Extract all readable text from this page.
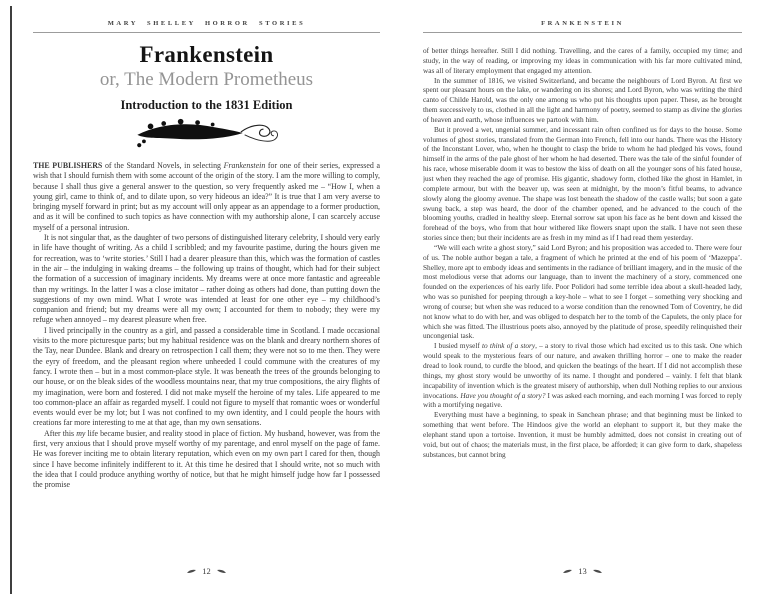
MARY SHELLEY HORROR STORIES
Frankenstein
or, The Modern Prometheus
Introduction to the 1831 Edition

THE PUBLISHERS of the Standard Novels, in selecting Frankenstein for one of their series, expressed a wish that I should furnish them with some account of the origin of the story. I am the more willing to comply, because I shall thus give a general answer to the question, so very frequently asked me – “How I, when a young girl, came to think of, and to dilate upon, so very hideous an idea?” It is true that I am very averse to bringing myself forward in print; but as my account will only appear as an appendage to a former production, and as it will be confined to such topics as have connection with my authorship alone, I can scarcely accuse myself of a personal intrusion.

It is not singular that, as the daughter of two persons of distinguished literary celebrity, I should very early in life have thought of writing. As a child I scribbled; and my favourite pastime, during the hours given me for recreation, was to ‘write stories.’ Still I had a dearer pleasure than this, which was the formation of castles in the air – the indulging in waking dreams – the following up trains of thought, which had for their subject the formation of a succession of imaginary incidents. My dreams were at once more fantastic and agreeable than my writings. In the latter I was a close imitator – rather doing as others had done, than putting down the suggestions of my own mind. What I wrote was intended at least for one other eye – my childhood’s companion and friend; but my dreams were all my own; I accounted for them to nobody; they were my refuge when annoyed – my dearest pleasure when free.

I lived principally in the country as a girl, and passed a considerable time in Scotland. I made occasional visits to the more picturesque parts; but my habitual residence was on the blank and dreary northern shores of the Tay, near Dundee. Blank and dreary on retrospection I call them; they were not so to me then. They were the eyry of freedom, and the pleasant region where unheeded I could commune with the creatures of my fancy. I wrote then – but in a most common-place style. It was beneath the trees of the grounds belonging to our house, or on the bleak sides of the woodless mountains near, that my true compositions, the airy flights of my imagination, were born and fostered. I did not make myself the heroine of my tales. Life appeared to me too common-place an affair as regarded myself. I could not figure to myself that romantic woes or wonderful events would ever be my lot; but I was not confined to my own identity, and I could people the hours with creations far more interesting to me at that age, than my own sensations.

After this my life became busier, and reality stood in place of fiction. My husband, however, was from the first, very anxious that I should prove myself worthy of my parentage, and enrol myself on the page of fame. He was forever inciting me to obtain literary reputation, which even on my own part I cared for then, though since I have become infinitely indifferent to it. At this time he desired that I should write, not so much with the idea that I could produce anything worthy of notice, but that he might himself judge how far I possessed the promise

12
FRANKENSTEIN

of better things hereafter. Still I did nothing. Travelling, and the cares of a family, occupied my time; and study, in the way of reading, or improving my ideas in communication with his far more cultivated mind, was all of literary employment that engaged my attention.

In the summer of 1816, we visited Switzerland, and became the neighbours of Lord Byron. At first we spent our pleasant hours on the lake, or wandering on its shores; and Lord Byron, who was writing the third canto of Childe Harold, was the only one among us who put his thoughts upon paper. These, as he brought them successively to us, clothed in all the light and harmony of poetry, seemed to stamp as divine the glories of heaven and earth, whose influences we partook with him.

But it proved a wet, ungenial summer, and incessant rain often confined us for days to the house. Some volumes of ghost stories, translated from the German into French, fell into our hands. There was the History of the Inconstant Lover, who, when he thought to clasp the bride to whom he had pledged his vows, found himself in the arms of the pale ghost of her whom he had deserted. There was the tale of the sinful founder of his race, whose miserable doom it was to bestow the kiss of death on all the younger sons of his fated house, just when they reached the age of promise. His gigantic, shadowy form, clothed like the ghost in Hamlet, in complete armour, but with the beaver up, was seen at midnight, by the moon’s fitful beams, to advance slowly along the gloomy avenue. The shape was lost beneath the shadow of the castle walls; but soon a gate swung back, a step was heard, the door of the chamber opened, and he advanced to the couch of the blooming youths, cradled in healthy sleep. Eternal sorrow sat upon his face as he bent down and kissed the forehead of the boys, who from that hour withered like flowers snapt upon the stalk. I have not seen these stories since then; but their incidents are as fresh in my mind as if I had read them yesterday.

“We will each write a ghost story,” said Lord Byron; and his proposition was acceded to. There were four of us. The noble author began a tale, a fragment of which he printed at the end of his poem of ‘Mazeppa’. Shelley, more apt to embody ideas and sentiments in the radiance of brilliant imagery, and in the music of the most melodious verse that adorns our language, than to invent the machinery of a story, commenced one founded on the experiences of his early life. Poor Polidori had some terrible idea about a skull-headed lady, who was so punished for peeping through a key-hole – what to see I forget – something very shocking and wrong of course; but when she was reduced to a worse condition than the renowned Tom of Coventry, he did not know what to do with her, and was obliged to despatch her to the tomb of the Capulets, the only place for which she was fitted. The illustrious poets also, annoyed by the platitude of prose, speedily relinquished their uncongenial task.

I busied myself to think of a story, – a story to rival those which had excited us to this task. One which would speak to the mysterious fears of our nature, and awaken thrilling horror – one to make the reader dread to look round, to curdle the blood, and quicken the beatings of the heart. If I did not accomplish these things, my ghost story would be unworthy of its name. I thought and pondered – vainly. I felt that blank incapability of invention which is the greatest misery of authorship, when dull Nothing replies to our anxious invocations. Have you thought of a story? I was asked each morning, and each morning I was forced to reply with a mortifying negative.

Everything must have a beginning, to speak in Sanchean phrase; and that beginning must be linked to something that went before. The Hindoos give the world an elephant to support it, but they make the elephant stand upon a tortoise. Invention, it must be humbly admitted, does not consist in creating out of void, but out of chaos; the materials must, in the first place, be afforded; it can give form to dark, shapeless substances, but cannot bring

13
